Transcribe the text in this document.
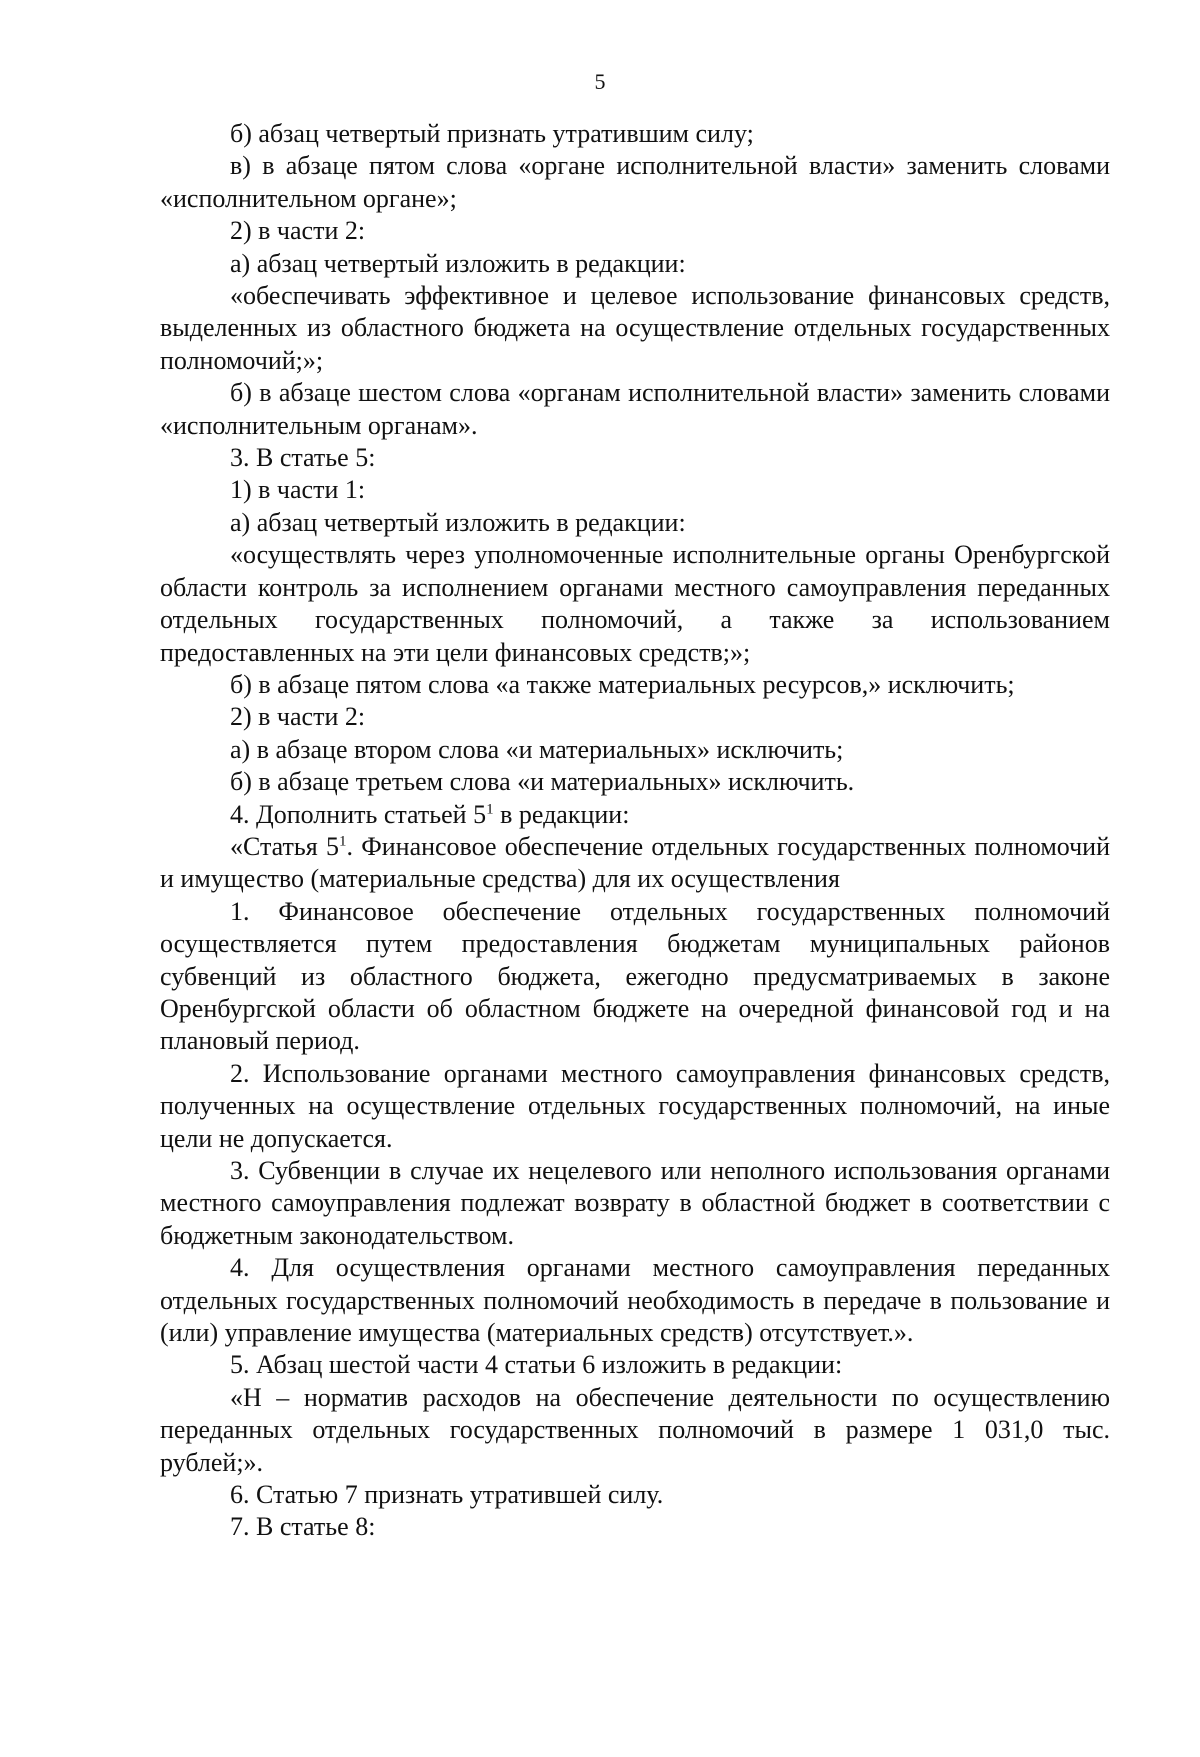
5

б) абзац четвертый признать утратившим силу;

в) в абзаце пятом слова «органе исполнительной власти» заменить словами «исполнительном органе»;

2) в части 2:

а) абзац четвертый изложить в редакции:

«обеспечивать эффективное и целевое использование финансовых средств, выделенных из областного бюджета на осуществление отдельных государственных полномочий;»;

б) в абзаце шестом слова «органам исполнительной власти» заменить словами «исполнительным органам».

3. В статье 5:

1) в части 1:

а) абзац четвертый изложить в редакции:

«осуществлять через уполномоченные исполнительные органы Оренбургской области контроль за исполнением органами местного самоуправления переданных отдельных государственных полномочий, а также за использованием предоставленных на эти цели финансовых средств;»;

б) в абзаце пятом слова «а также материальных ресурсов,» исключить;

2) в части 2:

а) в абзаце втором слова «и материальных» исключить;

б) в абзаце третьем слова «и материальных» исключить.

4. Дополнить статьей $5^1$ в редакции:

«Статья $5^1$. Финансовое обеспечение отдельных государственных полномочий и имущество (материальные средства) для их осуществления

1. Финансовое обеспечение отдельных государственных полномочий осуществляется путем предоставления бюджетам муниципальных районов субвенций из областного бюджета, ежегодно предусматриваемых в законе Оренбургской области об областном бюджете на очередной финансовой год и на плановый период.

2. Использование органами местного самоуправления финансовых средств, полученных на осуществление отдельных государственных полномочий, на иные цели не допускается.

3. Субвенции в случае их нецелевого или неполного использования органами местного самоуправления подлежат возврату в областной бюджет в соответствии с бюджетным законодательством.

4. Для осуществления органами местного самоуправления переданных отдельных государственных полномочий необходимость в передаче в пользование и (или) управление имущества (материальных средств) отсутствует.».

5. Абзац шестой части 4 статьи 6 изложить в редакции:

«Н – норматив расходов на обеспечение деятельности по осуществлению переданных отдельных государственных полномочий в размере 1 031,0 тыс. рублей;».

6. Статью 7 признать утратившей силу.

7. В статье 8:
